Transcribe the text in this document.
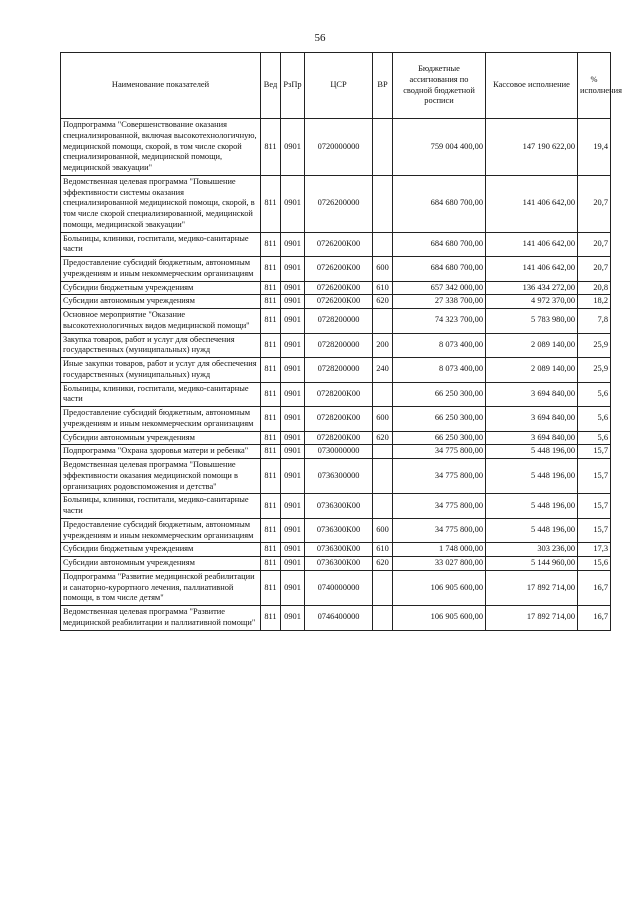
56
Наименование показателей	Вед	РзПр	ЦСР	ВР	Бюджетные ассигнования по сводной бюджетной росписи	Кассовое исполнение	% исполнения
Подпрограмма "Совершенствование оказания специализированной, включая высокотехнологичную, медицинской помощи, скорой, в том числе скорой специализированной, медицинской помощи, медицинской эвакуации"	811	0901	0720000000		759 004 400,00	147 190 622,00	19,4
Ведомственная целевая программа "Повышение эффективности системы оказания специализированной медицинской помощи, скорой, в том числе скорой специализированной, медицинской помощи, медицинской эвакуации"	811	0901	0726200000		684 680 700,00	141 406 642,00	20,7
Больницы, клиники, госпитали, медико-санитарные части	811	0901	0726200К00		684 680 700,00	141 406 642,00	20,7
Предоставление субсидий бюджетным, автономным учреждениям и иным некоммерческим организациям	811	0901	0726200К00	600	684 680 700,00	141 406 642,00	20,7
Субсидии бюджетным учреждениям	811	0901	0726200К00	610	657 342 000,00	136 434 272,00	20,8
Субсидии автономным учреждениям	811	0901	0726200К00	620	27 338 700,00	4 972 370,00	18,2
Основное мероприятие "Оказание высокотехнологичных видов медицинской помощи"	811	0901	0728200000		74 323 700,00	5 783 980,00	7,8
Закупка товаров, работ и услуг для обеспечения государственных (муниципальных) нужд	811	0901	0728200000	200	8 073 400,00	2 089 140,00	25,9
Иные закупки товаров, работ и услуг для обеспечения государственных (муниципальных) нужд	811	0901	0728200000	240	8 073 400,00	2 089 140,00	25,9
Больницы, клиники, госпитали, медико-санитарные части	811	0901	0728200К00		66 250 300,00	3 694 840,00	5,6
Предоставление субсидий бюджетным, автономным учреждениям и иным некоммерческим организациям	811	0901	0728200К00	600	66 250 300,00	3 694 840,00	5,6
Субсидии автономным учреждениям	811	0901	0728200К00	620	66 250 300,00	3 694 840,00	5,6
Подпрограмма "Охрана здоровья матери и ребенка"	811	0901	0730000000		34 775 800,00	5 448 196,00	15,7
Ведомственная целевая программа "Повышение эффективности оказания медицинской помощи в организациях родовспоможения и детства"	811	0901	0736300000		34 775 800,00	5 448 196,00	15,7
Больницы, клиники, госпитали, медико-санитарные части	811	0901	0736300К00		34 775 800,00	5 448 196,00	15,7
Предоставление субсидий бюджетным, автономным учреждениям и иным некоммерческим организациям	811	0901	0736300К00	600	34 775 800,00	5 448 196,00	15,7
Субсидии бюджетным учреждениям	811	0901	0736300К00	610	1 748 000,00	303 236,00	17,3
Субсидии автономным учреждениям	811	0901	0736300К00	620	33 027 800,00	5 144 960,00	15,6
Подпрограмма "Развитие медицинской реабилитации и санаторно-курортного лечения, паллиативной помощи, в том числе детям"	811	0901	0740000000		106 905 600,00	17 892 714,00	16,7
Ведомственная целевая программа "Развитие медицинской реабилитации и паллиативной помощи"	811	0901	0746400000		106 905 600,00	17 892 714,00	16,7
